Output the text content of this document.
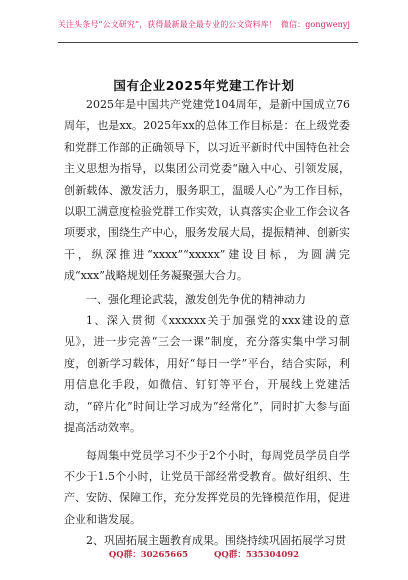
关注头条号“公文研究”，获得最新最全最专业的公文资料库！ 微信：gongwenyj
国有企业2025年党建工作计划

2025年是中国共产党建党104周年，是新中国成立76周年，也是xx。2025年xx的总体工作目标是：在上级党委和党群工作部的正确领导下，以习近平新时代中国特色社会主义思想为指导，以集团公司党委“融入中心、引领发展，创新载体、激发活力，服务职工，温暖人心”为工作目标，以职工满意度检验党群工作实效，认真落实企业工作会议各项要求，围绕生产中心，服务发展大局，提振精神、创新实干，纵深推进“xxxx”“xxxxx”建设目标，为圆满完成“xxx”战略规划任务凝聚强大合力。

一、强化理论武装，激发创先争优的精神动力

1、深入贯彻《xxxxxx关于加强党的xxx建设的意见》，进一步完善“三会一课”制度，充分落实集中学习制度，创新学习载体，用好“每日一学”平台，结合实际，利用信息化手段，如微信、钉钉等平台，开展线上党建活动，“碎片化”时间让学习成为“经常化”，同时扩大参与面提高活动效率。

每周集中党员学习不少于2个小时，每周党员学员自学不少于1.5个小时，让党员干部经常受教育。做好组织、生产、安防、保障工作，充分发挥党员的先锋模范作用，促进企业和谐发展。

2、巩固拓展主题教育成果。围绕持续巩固拓展学习贯

QQ群：30265665	QQ群：535304092
